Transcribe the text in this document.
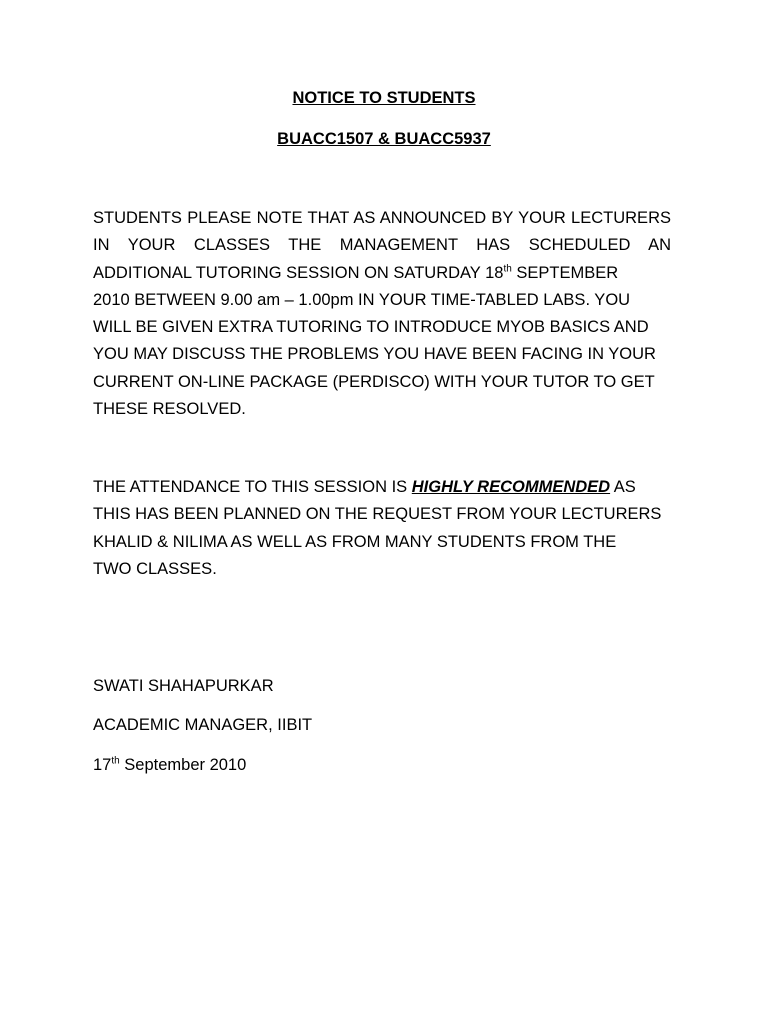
NOTICE TO STUDENTS

BUACC1507 & BUACC5937

STUDENTS PLEASE NOTE THAT AS ANNOUNCED BY YOUR LECTURERS
IN YOUR CLASSES THE MANAGEMENT HAS SCHEDULED AN
ADDITIONAL TUTORING SESSION ON SATURDAY 18th SEPTEMBER
2010 BETWEEN 9.00 am – 1.00pm IN YOUR TIME-TABLED LABS. YOU
WILL BE GIVEN EXTRA TUTORING TO INTRODUCE MYOB BASICS AND
YOU MAY DISCUSS THE PROBLEMS YOU HAVE BEEN FACING IN YOUR
CURRENT ON-LINE PACKAGE (PERDISCO) WITH YOUR TUTOR TO GET
THESE RESOLVED.

THE ATTENDANCE TO THIS SESSION IS HIGHLY RECOMMENDED AS
THIS HAS BEEN PLANNED ON THE REQUEST FROM YOUR LECTURERS
KHALID & NILIMA AS WELL AS FROM MANY STUDENTS FROM THE
TWO CLASSES.

SWATI SHAHAPURKAR

ACADEMIC MANAGER, IIBIT

17th September 2010
